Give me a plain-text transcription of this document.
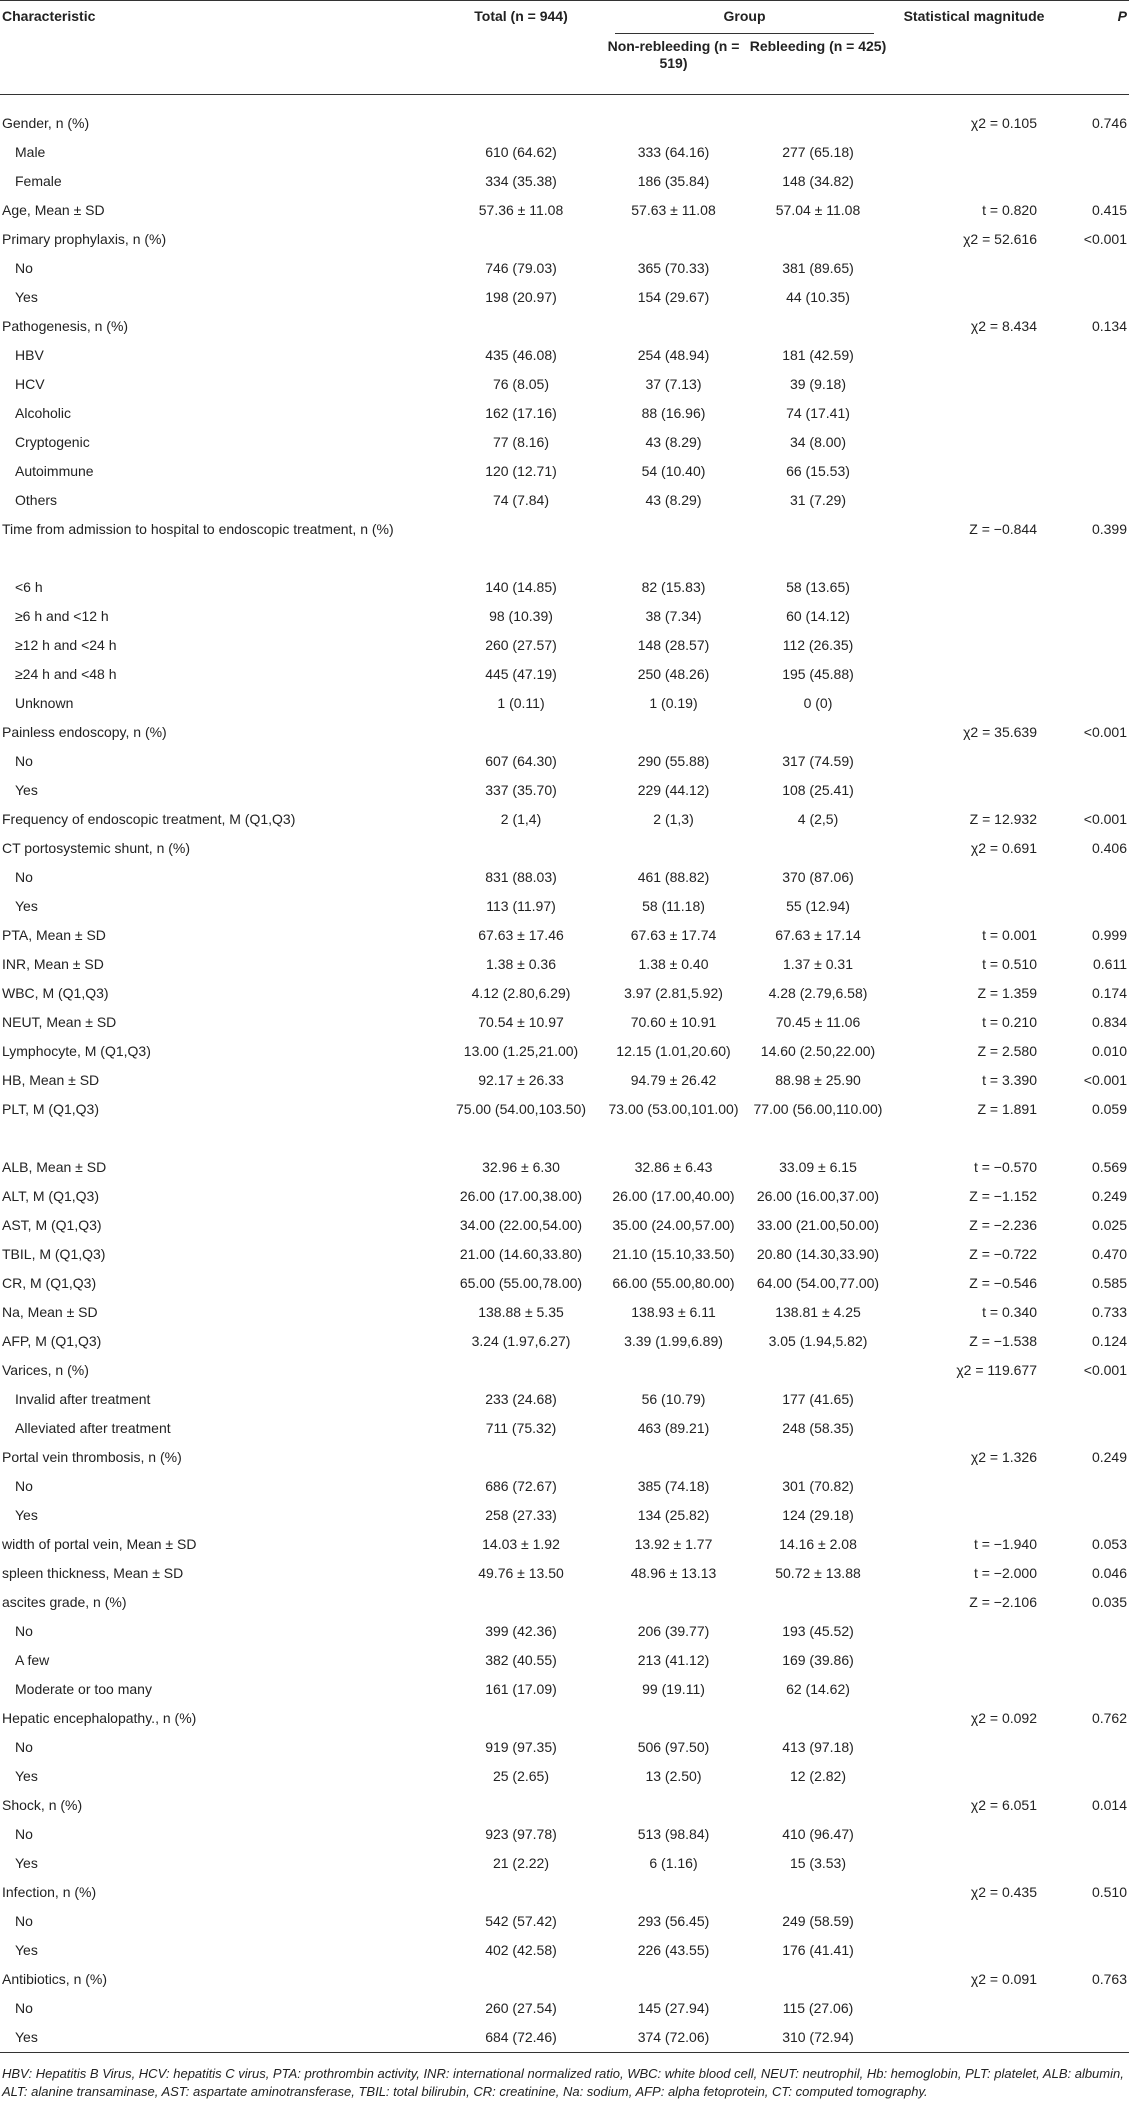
Characteristic	Total (n = 944)	Group		Statistical magnitude	P
		Non-rebleeding (n = 519)	Rebleeding (n = 425)		
Gender, n (%)				χ2 = 0.105	0.746
Male	610 (64.62)	333 (64.16)	277 (65.18)		
Female	334 (35.38)	186 (35.84)	148 (34.82)		
Age, Mean ± SD	57.36 ± 11.08	57.63 ± 11.08	57.04 ± 11.08	t = 0.820	0.415
Primary prophylaxis, n (%)				χ2 = 52.616	<0.001
No	746 (79.03)	365 (70.33)	381 (89.65)		
Yes	198 (20.97)	154 (29.67)	44 (10.35)		
Pathogenesis, n (%)				χ2 = 8.434	0.134
HBV	435 (46.08)	254 (48.94)	181 (42.59)		
HCV	76 (8.05)	37 (7.13)	39 (9.18)		
Alcoholic	162 (17.16)	88 (16.96)	74 (17.41)		
Cryptogenic	77 (8.16)	43 (8.29)	34 (8.00)		
Autoimmune	120 (12.71)	54 (10.40)	66 (15.53)		
Others	74 (7.84)	43 (8.29)	31 (7.29)		
Time from admission to hospital to endoscopic treatment, n (%)				Z = −0.844	0.399
<6 h	140 (14.85)	82 (15.83)	58 (13.65)		
≥6 h and <12 h	98 (10.39)	38 (7.34)	60 (14.12)		
≥12 h and <24 h	260 (27.57)	148 (28.57)	112 (26.35)		
≥24 h and <48 h	445 (47.19)	250 (48.26)	195 (45.88)		
Unknown	1 (0.11)	1 (0.19)	0 (0)		
Painless endoscopy, n (%)				χ2 = 35.639	<0.001
No	607 (64.30)	290 (55.88)	317 (74.59)		
Yes	337 (35.70)	229 (44.12)	108 (25.41)		
Frequency of endoscopic treatment, M (Q1,Q3)	2 (1,4)	2 (1,3)	4 (2,5)	Z = 12.932	<0.001
CT portosystemic shunt, n (%)				χ2 = 0.691	0.406
No	831 (88.03)	461 (88.82)	370 (87.06)		
Yes	113 (11.97)	58 (11.18)	55 (12.94)		
PTA, Mean ± SD	67.63 ± 17.46	67.63 ± 17.74	67.63 ± 17.14	t = 0.001	0.999
INR, Mean ± SD	1.38 ± 0.36	1.38 ± 0.40	1.37 ± 0.31	t = 0.510	0.611
WBC, M (Q1,Q3)	4.12 (2.80,6.29)	3.97 (2.81,5.92)	4.28 (2.79,6.58)	Z = 1.359	0.174
NEUT, Mean ± SD	70.54 ± 10.97	70.60 ± 10.91	70.45 ± 11.06	t = 0.210	0.834
Lymphocyte, M (Q1,Q3)	13.00 (1.25,21.00)	12.15 (1.01,20.60)	14.60 (2.50,22.00)	Z = 2.580	0.010
HB, Mean ± SD	92.17 ± 26.33	94.79 ± 26.42	88.98 ± 25.90	t = 3.390	<0.001
PLT, M (Q1,Q3)	75.00 (54.00,103.50)	73.00 (53.00,101.00)	77.00 (56.00,110.00)	Z = 1.891	0.059
ALB, Mean ± SD	32.96 ± 6.30	32.86 ± 6.43	33.09 ± 6.15	t = −0.570	0.569
ALT, M (Q1,Q3)	26.00 (17.00,38.00)	26.00 (17.00,40.00)	26.00 (16.00,37.00)	Z = −1.152	0.249
AST, M (Q1,Q3)	34.00 (22.00,54.00)	35.00 (24.00,57.00)	33.00 (21.00,50.00)	Z = −2.236	0.025
TBIL, M (Q1,Q3)	21.00 (14.60,33.80)	21.10 (15.10,33.50)	20.80 (14.30,33.90)	Z = −0.722	0.470
CR, M (Q1,Q3)	65.00 (55.00,78.00)	66.00 (55.00,80.00)	64.00 (54.00,77.00)	Z = −0.546	0.585
Na, Mean ± SD	138.88 ± 5.35	138.93 ± 6.11	138.81 ± 4.25	t = 0.340	0.733
AFP, M (Q1,Q3)	3.24 (1.97,6.27)	3.39 (1.99,6.89)	3.05 (1.94,5.82)	Z = −1.538	0.124
Varices, n (%)				χ2 = 119.677	<0.001
Invalid after treatment	233 (24.68)	56 (10.79)	177 (41.65)		
Alleviated after treatment	711 (75.32)	463 (89.21)	248 (58.35)		
Portal vein thrombosis, n (%)				χ2 = 1.326	0.249
No	686 (72.67)	385 (74.18)	301 (70.82)		
Yes	258 (27.33)	134 (25.82)	124 (29.18)		
width of portal vein, Mean ± SD	14.03 ± 1.92	13.92 ± 1.77	14.16 ± 2.08	t = −1.940	0.053
spleen thickness, Mean ± SD	49.76 ± 13.50	48.96 ± 13.13	50.72 ± 13.88	t = −2.000	0.046
ascites grade, n (%)				Z = −2.106	0.035
No	399 (42.36)	206 (39.77)	193 (45.52)		
A few	382 (40.55)	213 (41.12)	169 (39.86)		
Moderate or too many	161 (17.09)	99 (19.11)	62 (14.62)		
Hepatic encephalopathy., n (%)				χ2 = 0.092	0.762
No	919 (97.35)	506 (97.50)	413 (97.18)		
Yes	25 (2.65)	13 (2.50)	12 (2.82)		
Shock, n (%)				χ2 = 6.051	0.014
No	923 (97.78)	513 (98.84)	410 (96.47)		
Yes	21 (2.22)	6 (1.16)	15 (3.53)		
Infection, n (%)				χ2 = 0.435	0.510
No	542 (57.42)	293 (56.45)	249 (58.59)		
Yes	402 (42.58)	226 (43.55)	176 (41.41)		
Antibiotics, n (%)				χ2 = 0.091	0.763
No	260 (27.54)	145 (27.94)	115 (27.06)		
Yes	684 (72.46)	374 (72.06)	310 (72.94)		
HBV: Hepatitis B Virus, HCV: hepatitis C virus, PTA: prothrombin activity, INR: international normalized ratio, WBC: white blood cell, NEUT: neutrophil, Hb: hemoglobin, PLT: platelet, ALB: albumin, ALT: alanine transaminase, AST: aspartate aminotransferase, TBIL: total bilirubin, CR: creatinine, Na: sodium, AFP: alpha fetoprotein, CT: computed tomography.
